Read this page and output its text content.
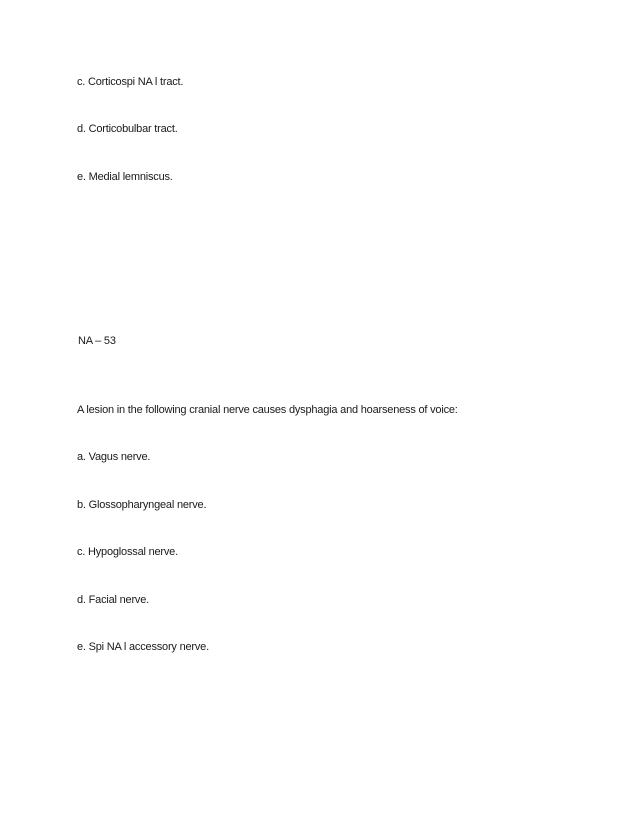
c. Corticospi NA l tract.
d. Corticobulbar tract.
e. Medial lemniscus.
NA – 53
A lesion in the following cranial nerve causes dysphagia and hoarseness of voice:
a. Vagus nerve.
b. Glossopharyngeal nerve.
c. Hypoglossal nerve.
d. Facial nerve.
e. Spi NA l accessory nerve.
